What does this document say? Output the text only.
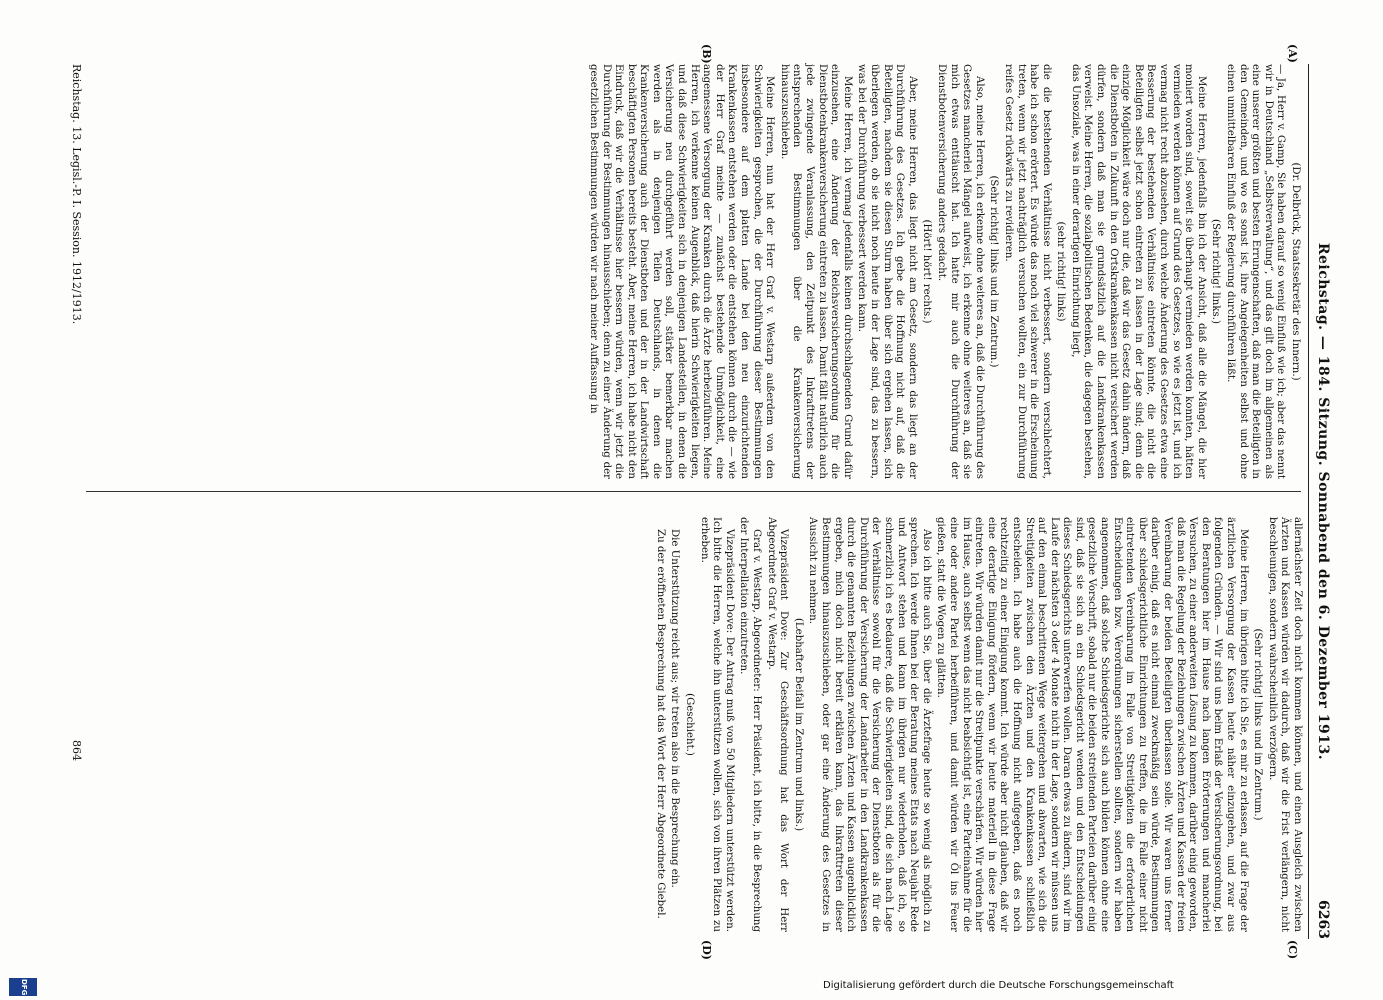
Reichstag. — 184. Sitzung. Sonnabend den 6. Dezember 1913.
6263
(A)
(B)
(C)
(D)

(Dr. Delbrück, Staatssekretär des Innern.)

— Ja, Herr v. Gamp, Sie haben darauf so wenig Einfluß wie ich; aber das nennt wir in Deutschland „Selbstverwaltung“, und das gilt doch im allgemeinen als eine unserer größten und besten Errungenschaften, daß man die Beteiligten in den Gemeinden, und wo es sonst ist, ihre Angelegenheiten selbst und ohne einen unmittelbaren Einfluß der Regierung durchführen läßt.

(Sehr richtig! links.)

Meine Herren, jedenfalls bin ich der Ansicht, daß alle die Mängel, die hier moniert worden sind, soweit sie überhaupt vermieden werden konnten, hätten vermieden werden können auf Grund des Gesetzes, so wie es jetzt ist, und ich vermag nicht recht abzusehen, durch welche Änderung des Gesetzes etwa eine Besserung der bestehenden Verhältnisse eintreten könnte, die nicht die Beteiligten selbst jetzt schon eintreten zu lassen in der Lage sind; denn die einzige Möglichkeit wäre doch nur die, daß wir das Gesetz dahin ändern, daß die Dienstboten in Zukunft in den Ortskrankenkassen nicht versichert werden dürfen, sondern daß man sie grundsätzlich auf die Landkrankenkassen verweist. Meine Herren, die sozialpolitischen Bedenken, die dagegen bestehen, das Unsoziale, was in einer derartigen Einrichtung liegt,

(sehr richtig! links)

die die bestehenden Verhältnisse nicht verbessert, sondern verschlechtert, habe ich schon erörtert. Es würde das noch viel schwerer in die Erscheinung treten, wenn wir jetzt nachträglich versuchen wollten, ein zur Durchführung reifes Gesetz rückwärts zu revidieren.

(Sehr richtig! links und im Zentrum.)

Also, meine Herren, ich erkenne ohne weiteres an, daß die Durchführung des Gesetzes mancherlei Mängel aufweist, ich erkenne ohne weiteres an, daß sie mich etwas enttäuscht hat. Ich hatte mir auch die Durchführung der Dienstbotenversicherung anders gedacht.

(Hört! hört! rechts.)

Aber, meine Herren, das liegt nicht am Gesetz, sondern das liegt an der Durchführung des Gesetzes. Ich gebe die Hoffnung nicht auf, daß die Beteiligten, nachdem sie diesen Sturm haben über sich ergehen lassen, sich überlegen werden, ob sie nicht noch heute in der Lage sind, das zu bessern, was bei der Durchführung verbessert werden kann.

Meine Herren, ich vermag jedenfalls keinen durchschlagenden Grund dafür einzusehen, eine Änderung der Reichsversicherungsordnung für die Dienstbotenkrankenversicherung eintreten zu lassen. Damit fällt natürlich auch jede zwingende Veranlassung, den Zeitpunkt des Inkrafttretens der entsprechenden Bestimmungen über die Krankenversicherung hinauszuschieben.

Meine Herren, nun hat der Herr Graf v. Westarp außerdem von den Schwierigkeiten gesprochen, die der Durchführung dieser Bestimmungen insbesondere auf dem platten Lande bei den neu einzurichtenden Krankenkassen entstehen werden oder die entstehen können durch die — wie der Herr Graf meinte — zunächst bestehende Unmöglichkeit, eine angemessene Versorgung der Kranken durch die Ärzte herbeizuführen. Meine Herren, ich verkenne keinen Augenblick, daß hierin Schwierigkeiten liegen, und daß diese Schwierigkeiten sich in denjenigen Landesteilen, in denen die Versicherung neu durchgeführt werden soll, stärker bemerkbar machen werden als in denjenigen Teilen Deutschlands, in denen die Krankenversicherung auch der Dienstboten und der in der Landwirtschaft beschäftigten Personen bereits besteht. Aber, meine Herren, ich habe nicht den Eindruck, daß wir die Verhältnisse hier bessern würden, wenn wir jetzt die Durchführung der Bestimmungen hinausschieben; denn zu einer Änderung der gesetzlichen Bestimmungen würden wir nach meiner Auffassung in

allernächster Zeit doch nicht kommen können, und einen Ausgleich zwischen Ärzten und Kassen würden wir dadurch, daß wir die Frist verlängern, nicht beschleunigen, sondern wahrscheinlich verzögern.

(Sehr richtig! links und im Zentrum.)

Meine Herren, im übrigen bitte ich Sie, es mir zu erlassen, auf die Frage der ärztlichen Versorgung der Kassen heute näher einzugehen, und zwar aus folgenden Gründen. — Wir sind uns beim Erlaß der Versicherungsordnung, bei den Beratungen hier im Hause nach langen Erörterungen und mancherlei Versuchen, zu einer anderweiten Lösung zu kommen, darüber einig geworden, daß man die Regelung der Beziehungen zwischen Ärzten und Kassen der freien Vereinbarung der beiden Beteiligten überlassen solle. Wir waren uns ferner darüber einig, daß es nicht einmal zweckmäßig sein würde, Bestimmungen über schiedsgerichtliche Einrichtungen zu treffen, die im Falle einer nicht eintretenden Vereinbarung im Falle von Streitigkeiten die erforderlichen Entscheidungen bzw. Verordnungen sicherstellen sollten, sondern wir haben angenommen, daß solche Schiedsgerichte sich auch bilden können ohne eine gesetzliche Vorschrift, sobald nur die beiden streitenden Parteien darüber einig sind, daß sie sich an ein Schiedsgericht wenden und den Entscheidungen dieses Schiedsgerichts unterwerfen wollen. Daran etwas zu ändern, sind wir im Laufe der nächsten 3 oder 4 Monate nicht in der Lage, sondern wir müssen uns auf den einmal beschrittenen Wege weitergehen und abwarten, wie sich die Streitigkeiten zwischen den Ärzten und den Krankenkassen schließlich entscheiden. Ich habe auch die Hoffnung nicht aufgegeben, daß es noch rechtzeitig zu einer Einigung kommt. Ich würde aber nicht glauben, daß wir eine derartige Einigung fördern, wenn wir heute materiell in diese Frage eintreten. Wir würden damit nur die Streitpunkte verschärfen. Wir würden hier im Hause, auch selbst wenn das nicht beabsichtigt ist, eine Parteinahme für die eine oder andere Partei herbeiführen, und damit würden wir Öl ins Feuer gießen, statt die Wogen zu glätten.

Also ich bitte auch Sie, über die Ärztefrage heute so wenig als möglich zu sprechen. Ich werde Ihnen bei der Beratung meines Etats nach Neujahr Rede und Antwort stehen und kann im übrigen nur wiederholen, daß ich, so schmerzlich ich es bedauere, daß die Schwierigkeiten sind, die sich nach Lage der Verhältnisse sowohl für die Versicherung der Dienstboten als für die Durchführung der Versicherung der Landarbeiter in den Landkrankenkassen durch die genannten Beziehungen zwischen Ärzten und Kassen augenblicklich ergeben, mich doch nicht bereit erklären kann, das Inkrafttreten dieser Bestimmungen hinauszuschieben, oder gar eine Änderung des Gesetzes in Aussicht zu nehmen.

(Lebhafter Beifall im Zentrum und links.)

Vizepräsident Dove: Zur Geschäftsordnung hat das Wort der Herr Abgeordnete Graf v. Westarp.

Graf v. Westarp, Abgeordneter: Herr Präsident, ich bitte, in die Besprechung der Interpellation einzutreten.

Vizepräsident Dove: Der Antrag muß von 50 Mitgliedern unterstützt werden. Ich bitte die Herren, welche ihn unterstützen wollen, sich von ihren Plätzen zu erheben.

(Geschieht.)

Die Unterstützung reicht aus; wir treten also in die Besprechung ein.

Zu der eröffneten Besprechung hat das Wort der Herr Abgeordnete Giebel.

Reichstag. 13. Legisl.-P. I. Session. 1912/1913.
864
Digitalisierung gefördert durch die Deutsche Forschungsgemeinschaft
DFG
